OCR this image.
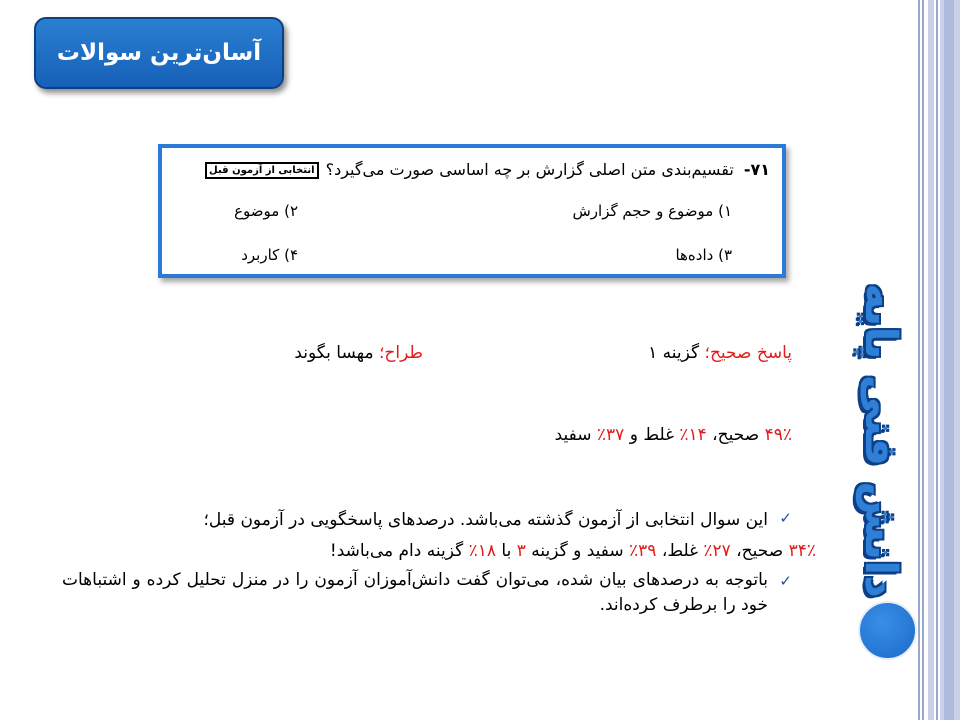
آسان‌ترین سوالات
۷۱-تقسیم‌بندی متن اصلی گزارش بر چه اساسی صورت می‌گیرد؟ انتخابی از آزمون قبل
۱) موضوع و حجم گزارش
۲) موضوع
۳) داده‌ها
۴) کاربرد
دانش فنی پایه
پاسخ صحیح؛ گزینه ۱
طراح؛ مهسا بگوند
۴۹٪ صحیح، ۱۴٪ غلط و ۳۷٪ سفید
✓
این سوال انتخابی از آزمون گذشته می‌باشد. درصدهای پاسخگویی در آزمون قبل؛
۳۴٪ صحیح، ۲۷٪ غلط، ۳۹٪ سفید و گزینه ۳ با ۱۸٪ گزینه دام می‌باشد!
✓
باتوجه به درصدهای بیان شده، می‌توان گفت دانش‌آموزان آزمون را در منزل تحلیل کرده و اشتباهات خود را برطرف کرده‌اند.
